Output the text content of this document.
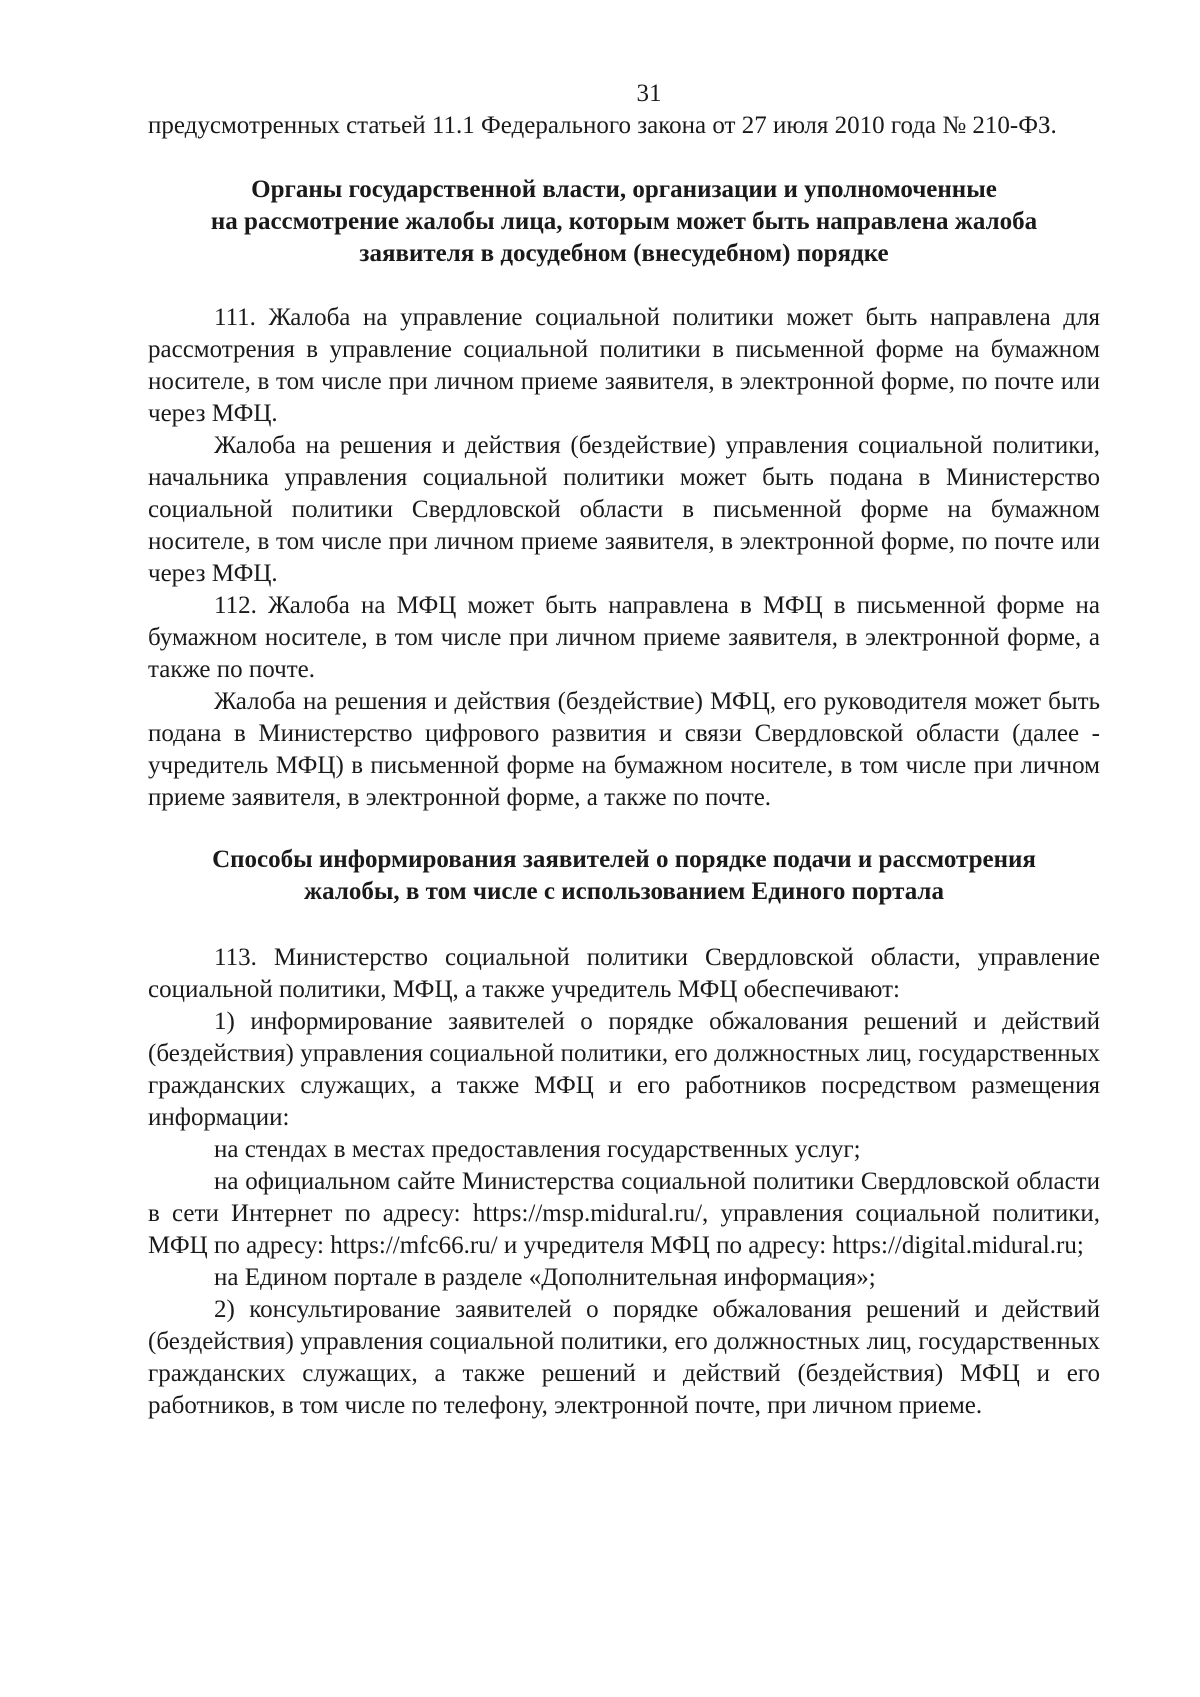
31

предусмотренных статьей 11.1 Федерального закона от 27 июля 2010 года № 210-ФЗ.

Органы государственной власти, организации и уполномоченные
на рассмотрение жалобы лица, которым может быть направлена жалоба
заявителя в досудебном (внесудебном) порядке

111. Жалоба на управление социальной политики может быть направлена для рассмотрения в управление социальной политики в письменной форме на бумажном носителе, в том числе при личном приеме заявителя, в электронной форме, по почте или через МФЦ.

Жалоба на решения и действия (бездействие) управления социальной политики, начальника управления социальной политики может быть подана в Министерство социальной политики Свердловской области в письменной форме на бумажном носителе, в том числе при личном приеме заявителя, в электронной форме, по почте или через МФЦ.

112. Жалоба на МФЦ может быть направлена в МФЦ в письменной форме на бумажном носителе, в том числе при личном приеме заявителя, в электронной форме, а также по почте.

Жалоба на решения и действия (бездействие) МФЦ, его руководителя может быть подана в Министерство цифрового развития и связи Свердловской области (далее - учредитель МФЦ) в письменной форме на бумажном носителе, в том числе при личном приеме заявителя, в электронной форме, а также по почте.

Способы информирования заявителей о порядке подачи и рассмотрения
жалобы, в том числе с использованием Единого портала

113. Министерство социальной политики Свердловской области, управление социальной политики, МФЦ, а также учредитель МФЦ обеспечивают:

1) информирование заявителей о порядке обжалования решений и действий (бездействия) управления социальной политики, его должностных лиц, государственных гражданских служащих, а также МФЦ и его работников посредством размещения информации:

на стендах в местах предоставления государственных услуг;

на официальном сайте Министерства социальной политики Свердловской области в сети Интернет по адресу: https://msp.midural.ru/, управления социальной политики, МФЦ по адресу: https://mfc66.ru/ и учредителя МФЦ по адресу: https://digital.midural.ru;

на Едином портале в разделе «Дополнительная информация»;

2) консультирование заявителей о порядке обжалования решений и действий (бездействия) управления социальной политики, его должностных лиц, государственных гражданских служащих, а также решений и действий (бездействия) МФЦ и его работников, в том числе по телефону, электронной почте, при личном приеме.
